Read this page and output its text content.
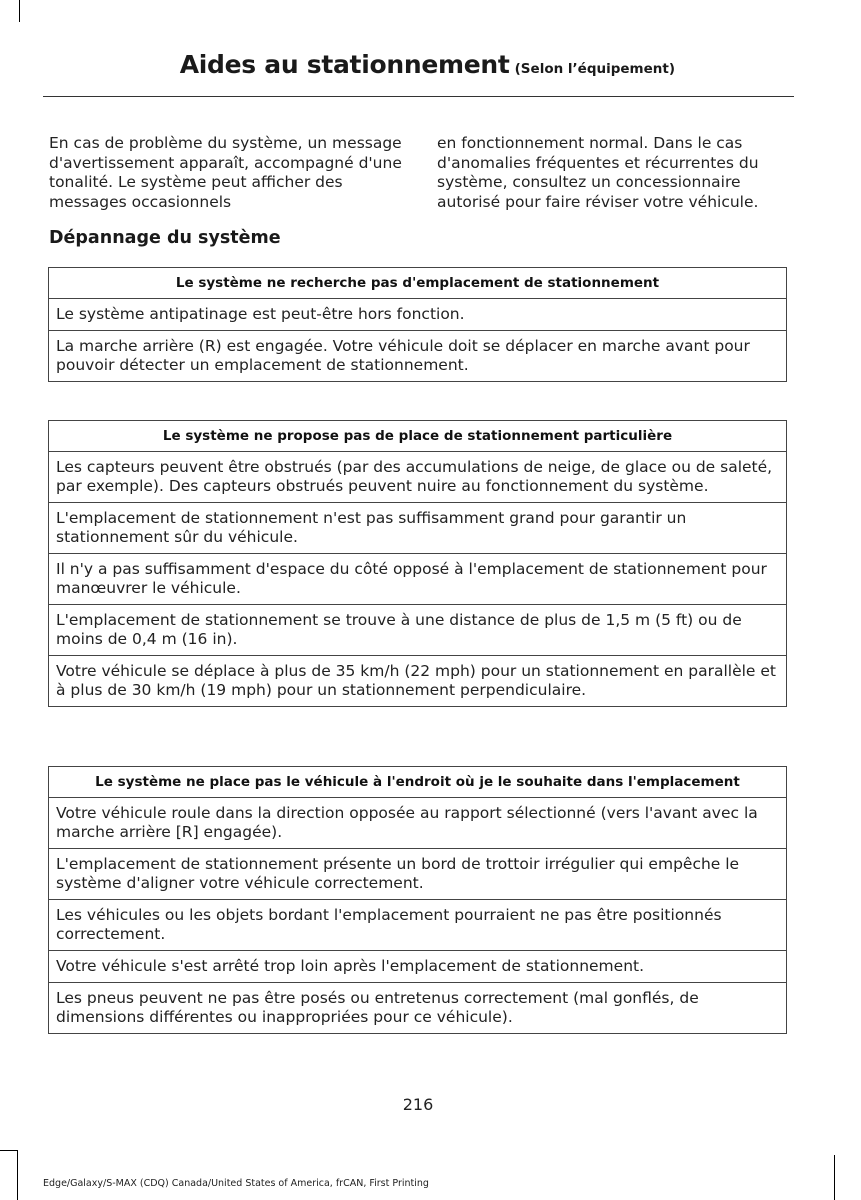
Aides au stationnement (Selon l’équipement)

En cas de problème du système, un message d'avertissement apparaît, accompagné d'une tonalité. Le système peut afficher des messages occasionnels

en fonctionnement normal. Dans le cas d'anomalies fréquentes et récurrentes du système, consultez un concessionnaire autorisé pour faire réviser votre véhicule.

Dépannage du système
Le système ne recherche pas d'emplacement de stationnement
Le système antipatinage est peut-être hors fonction.
La marche arrière (R) est engagée. Votre véhicule doit se déplacer en marche avant pour pouvoir détecter un emplacement de stationnement.
Le système ne propose pas de place de stationnement particulière
Les capteurs peuvent être obstrués (par des accumulations de neige, de glace ou de saleté, par exemple). Des capteurs obstrués peuvent nuire au fonctionnement du système.
L'emplacement de stationnement n'est pas suffisamment grand pour garantir un stationnement sûr du véhicule.
Il n'y a pas suffisamment d'espace du côté opposé à l'emplacement de stationnement pour manœuvrer le véhicule.
L'emplacement de stationnement se trouve à une distance de plus de 1,5 m (5 ft) ou de moins de 0,4 m (16 in).
Votre véhicule se déplace à plus de 35 km/h (22 mph) pour un stationnement en parallèle et à plus de 30 km/h (19 mph) pour un stationnement perpendiculaire.
Le système ne place pas le véhicule à l'endroit où je le souhaite dans l'emplacement
Votre véhicule roule dans la direction opposée au rapport sélectionné (vers l'avant avec la marche arrière [R] engagée).
L'emplacement de stationnement présente un bord de trottoir irrégulier qui empêche le système d'aligner votre véhicule correctement.
Les véhicules ou les objets bordant l'emplacement pourraient ne pas être positionnés correctement.
Votre véhicule s'est arrêté trop loin après l'emplacement de stationnement.
Les pneus peuvent ne pas être posés ou entretenus correctement (mal gonflés, de dimensions différentes ou inappropriées pour ce véhicule).
216
Edge/Galaxy/S-MAX (CDQ) Canada/United States of America, frCAN, First Printing
